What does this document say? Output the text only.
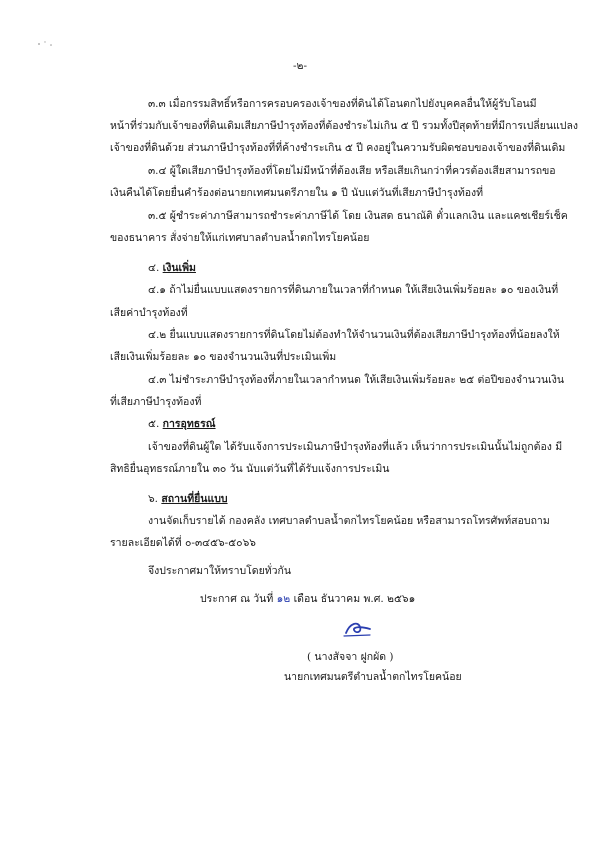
-๒-
๓.๓ เมื่อกรรมสิทธิ์หรือการครอบครองเจ้าของที่ดินได้โอนตกไปยังบุคคลอื่นให้ผู้รับโอนมี
หน้าที่ร่วมกับเจ้าของที่ดินเดิมเสียภาษีบำรุงท้องที่ต้องชำระไม่เกิน ๕ ปี รวมทั้งปีสุดท้ายที่มีการเปลี่ยนแปลง
เจ้าของที่ดินด้วย ส่วนภาษีบำรุงท้องที่ที่ค้างชำระเกิน ๕ ปี คงอยู่ในความรับผิดชอบของเจ้าของที่ดินเดิม
๓.๔ ผู้ใดเสียภาษีบำรุงท้องที่โดยไม่มีหน้าที่ต้องเสีย หรือเสียเกินกว่าที่ควรต้องเสียสามารถขอ
เงินคืนได้โดยยื่นคำร้องต่อนายกเทศมนตรีภายใน ๑ ปี นับแต่วันที่เสียภาษีบำรุงท้องที่
๓.๕ ผู้ชำระค่าภาษีสามารถชำระค่าภาษีได้ โดย เงินสด ธนาณัติ ตั๋วแลกเงิน และแคชเชียร์เช็ค
ของธนาคาร สั่งจ่ายให้แก่เทศบาลตำบลน้ำตกไทรโยคน้อย
๔. เงินเพิ่ม
๔.๑ ถ้าไม่ยื่นแบบแสดงรายการที่ดินภายในเวลาที่กำหนด ให้เสียเงินเพิ่มร้อยละ ๑๐ ของเงินที่
เสียค่าบำรุงท้องที่
๔.๒ ยื่นแบบแสดงรายการที่ดินโดยไม่ต้องทำให้จำนวนเงินที่ต้องเสียภาษีบำรุงท้องที่น้อยลงให้
เสียเงินเพิ่มร้อยละ ๑๐ ของจำนวนเงินที่ประเมินเพิ่ม
๔.๓ ไม่ชำระภาษีบำรุงท้องที่ภายในเวลากำหนด ให้เสียเงินเพิ่มร้อยละ ๒๕ ต่อปีของจำนวนเงิน
ที่เสียภาษีบำรุงท้องที่
๕. การอุทธรณ์
เจ้าของที่ดินผู้ใด ได้รับแจ้งการประเมินภาษีบำรุงท้องที่แล้ว เห็นว่าการประเมินนั้นไม่ถูกต้อง มี
สิทธิยื่นอุทธรณ์ภายใน ๓๐ วัน นับแต่วันที่ได้รับแจ้งการประเมิน
๖. สถานที่ยื่นแบบ
งานจัดเก็บรายได้ กองคลัง เทศบาลตำบลน้ำตกไทรโยคน้อย หรือสามารถโทรศัพท์สอบถาม
รายละเอียดได้ที่ ๐-๓๔๕๖-๕๐๖๖
จึงประกาศมาให้ทราบโดยทั่วกัน
ประกาศ ณ วันที่ ๑๒ เดือน ธันวาคม พ.ศ. ๒๕๖๑
( นางสัจจา ฝูกผัด )
นายกเทศมนตรีตำบลน้ำตกไทรโยคน้อย
